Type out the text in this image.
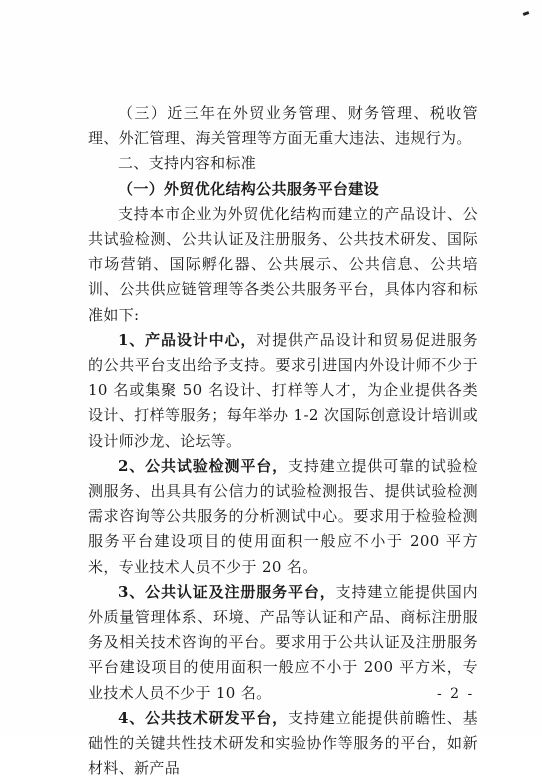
（三）近三年在外贸业务管理、财务管理、税收管理、外汇管理、海关管理等方面无重大违法、违规行为。

二、支持内容和标准

（一）外贸优化结构公共服务平台建设

支持本市企业为外贸优化结构而建立的产品设计、公共试验检测、公共认证及注册服务、公共技术研发、国际市场营销、国际孵化器、公共展示、公共信息、公共培训、公共供应链管理等各类公共服务平台，具体内容和标准如下:

1、产品设计中心，对提供产品设计和贸易促进服务的公共平台支出给予支持。要求引进国内外设计师不少于 10 名或集聚 50 名设计、打样等人才，为企业提供各类设计、打样等服务；每年举办 1-2 次国际创意设计培训或设计师沙龙、论坛等。

2、公共试验检测平台，支持建立提供可靠的试验检测服务、出具具有公信力的试验检测报告、提供试验检测需求咨询等公共服务的分析测试中心。要求用于检验检测服务平台建设项目的使用面积一般应不小于 200 平方米，专业技术人员不少于 20 名。

3、公共认证及注册服务平台，支持建立能提供国内外质量管理体系、环境、产品等认证和产品、商标注册服务及相关技术咨询的平台。要求用于公共认证及注册服务平台建设项目的使用面积一般应不小于 200 平方米，专业技术人员不少于 10 名。

4、公共技术研发平台，支持建立能提供前瞻性、基础性的关键共性技术研发和实验协作等服务的平台，如新材料、新产品

- 2 -
